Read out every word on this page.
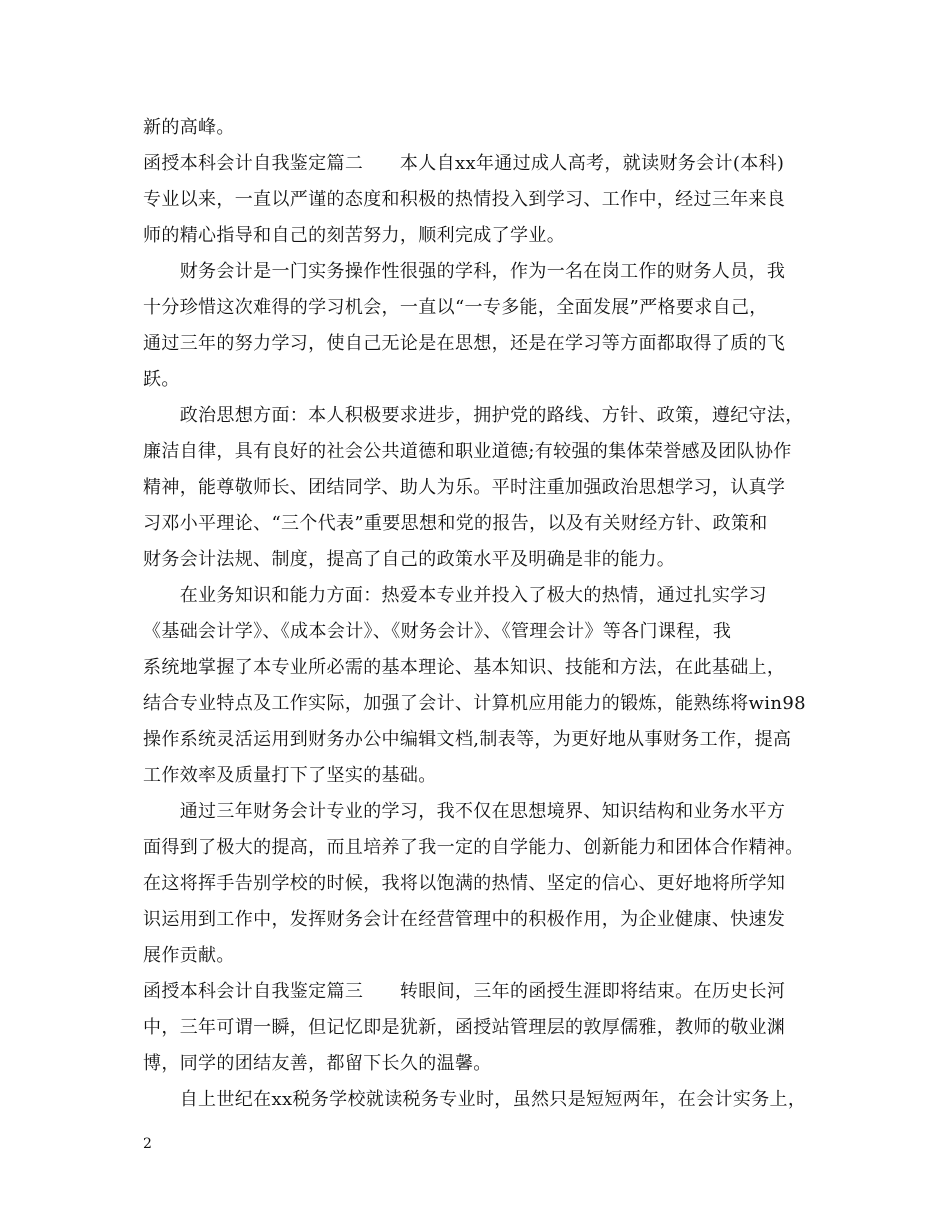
新的高峰。
函授本科会计自我鉴定篇二　　本人自xx年通过成人高考，就读财务会计(本科)
专业以来，一直以严谨的态度和积极的热情投入到学习、工作中，经过三年来良
师的精心指导和自己的刻苦努力，顺利完成了学业。
　　财务会计是一门实务操作性很强的学科，作为一名在岗工作的财务人员，我
十分珍惜这次难得的学习机会，一直以“一专多能，全面发展”严格要求自己，
通过三年的努力学习，使自己无论是在思想，还是在学习等方面都取得了质的飞
跃。
　　政治思想方面：本人积极要求进步，拥护党的路线、方针、政策，遵纪守法，
廉洁自律，具有良好的社会公共道德和职业道德;有较强的集体荣誉感及团队协作
精神，能尊敬师长、团结同学、助人为乐。平时注重加强政治思想学习，认真学
习邓小平理论、“三个代表”重要思想和党的报告，以及有关财经方针、政策和
财务会计法规、制度，提高了自己的政策水平及明确是非的能力。
　　在业务知识和能力方面：热爱本专业并投入了极大的热情，通过扎实学习
《基础会计学》、《成本会计》、《财务会计》、《管理会计》等各门课程，我
系统地掌握了本专业所必需的基本理论、基本知识、技能和方法，在此基础上，
结合专业特点及工作实际，加强了会计、计算机应用能力的锻炼，能熟练将win98
操作系统灵活运用到财务办公中编辑文档,制表等，为更好地从事财务工作，提高
工作效率及质量打下了坚实的基础。
　　通过三年财务会计专业的学习，我不仅在思想境界、知识结构和业务水平方
面得到了极大的提高，而且培养了我一定的自学能力、创新能力和团体合作精神。
在这将挥手告别学校的时候，我将以饱满的热情、坚定的信心、更好地将所学知
识运用到工作中，发挥财务会计在经营管理中的积极作用，为企业健康、快速发
展作贡献。
函授本科会计自我鉴定篇三　　转眼间，三年的函授生涯即将结束。在历史长河
中，三年可谓一瞬，但记忆即是犹新，函授站管理层的敦厚儒雅，教师的敬业渊
博，同学的团结友善，都留下长久的温馨。
　　自上世纪在xx税务学校就读税务专业时，虽然只是短短两年，在会计实务上，
2
